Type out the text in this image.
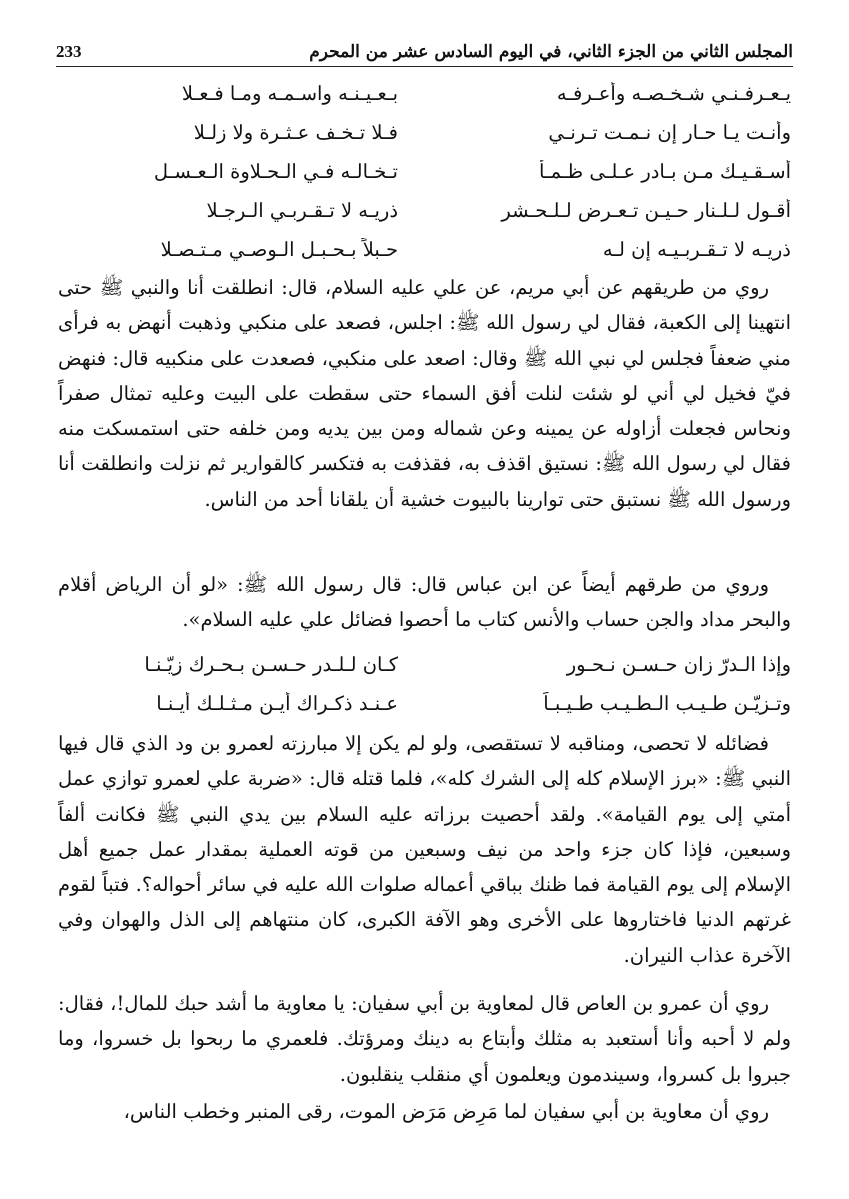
المجلس الثاني من الجزء الثاني، في اليوم السادس عشر من المحرم
233
يـعـرفـنـي شـخـصـه وأعـرفـه
بـعـيـنـه واسـمـه ومـا فـعـلا
وأنـت يـا حـار إن نـمـت تـرنـي
فـلا تـخـف عـثـرة ولا زلـلا
أسـقـيـك مـن بـادر عـلـى ظـمـأ
تـخـالـه فـي الـحـلاوة الـعـسـل
أقـول لـلـنار حـيـن تـعـرض لـلـحـشر
ذريـه لا تـقـربـي الـرجـلا
ذريـه لا تـقـربـيـه إن لـه
حـبلاً بـحـبـل الـوصـي مـتـصـلا

روي من طريقهم عن أبي مريم، عن علي عليه السلام، قال: انطلقت أنا والنبي ﷺ حتى انتهينا إلى الكعبة، فقال لي رسول الله ﷺ: اجلس، فصعد على منكبي وذهبت أنهض به فرأى مني ضعفاً فجلس لي نبي الله ﷺ وقال: اصعد على منكبي، فصعدت على منكبيه قال: فنهض فيّ فخيل لي أني لو شئت لنلت أفق السماء حتى سقطت على البيت وعليه تمثال صفراً ونحاس فجعلت أزاوله عن يمينه وعن شماله ومن بين يديه ومن خلفه حتى استمسكت منه فقال لي رسول الله ﷺ: نستيق اقذف به، فقذفت به فتكسر كالقوارير ثم نزلت وانطلقت أنا ورسول الله ﷺ نستبق حتى توارينا بالبيوت خشية أن يلقانا أحد من الناس.

وروي من طرقهم أيضاً عن ابن عباس قال: قال رسول الله ﷺ: «لو أن الرياض أقلام والبحر مداد والجن حساب والأنس كتاب ما أحصوا فضائل علي عليه السلام».

وإذا الـدرّ زان حـسـن نـحـور
كـان لـلـدر حـسـن بـحـرك زيّـنـا
وتـزيّـن طـيـب الـطـيـب طـيـبـاً
عـنـد ذكـراك أيـن مـثـلـك أيـنـا

فضائله لا تحصى، ومناقبه لا تستقصى، ولو لم يكن إلا مبارزته لعمرو بن ود الذي قال فيها النبي ﷺ: «برز الإسلام كله إلى الشرك كله»، فلما قتله قال: «ضربة علي لعمرو توازي عمل أمتي إلى يوم القيامة». ولقد أحصيت برزاته عليه السلام بين يدي النبي ﷺ فكانت ألفاً وسبعين، فإذا كان جزء واحد من نيف وسبعين من قوته العملية بمقدار عمل جميع أهل الإسلام إلى يوم القيامة فما ظنك بباقي أعماله صلوات الله عليه في سائر أحواله؟. فتباً لقوم غرتهم الدنيا فاختاروها على الأخرى وهو الآفة الكبرى، كان منتهاهم إلى الذل والهوان وفي الآخرة عذاب النيران.

روي أن عمرو بن العاص قال لمعاوية بن أبي سفيان: يا معاوية ما أشد حبك للمال!، فقال: ولم لا أحبه وأنا أستعبد به مثلك وأبتاع به دينك ومرؤتك. فلعمري ما ربحوا بل خسروا، وما جبروا بل كسروا، وسيندمون ويعلمون أي منقلب ينقلبون.

روي أن معاوية بن أبي سفيان لما مَرِض مَرَض الموت، رقى المنبر وخطب الناس،
